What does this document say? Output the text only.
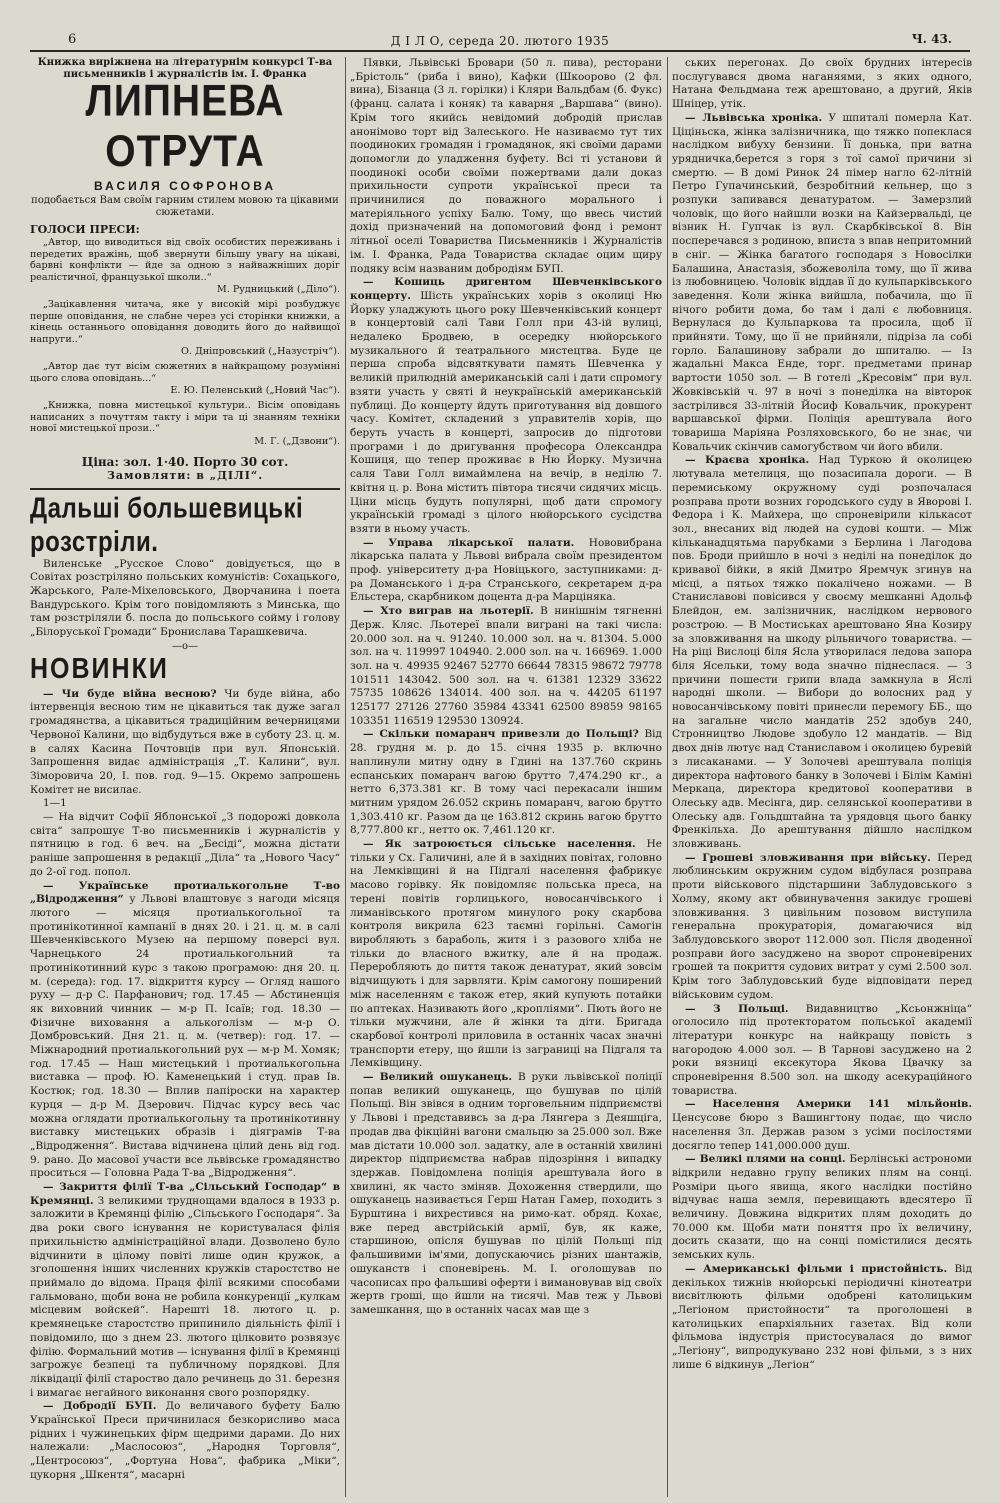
6	Д І Л О, середа 20. лютого 1935	Ч. 43.
Книжка виріжнена на літературнім конкурсі Т-ва письменників і журналістів ім. І. Франка
ЛИПНЕВА ОТРУТА
ВАСИЛЯ СОФРОНОВА
подобається Вам своїм гарним стилем мовою та цікавими сюжетами.
ГОЛОСИ ПРЕСИ:

„Автор, що виводиться від своїх особистих переживань і передетих вражінь, щоб звернути більшу увагу на цікаві, барвні конфлікти — йде за одною з найважніших доріг реалістичної, французької школи..“

М. Рудницький („Діло“).

„Зацікавлення читача, яке у високій мірі розбуджує перше оповідання, не слабне через усі сторінки книжки, а кінець останнього оповідання доводить його до найвищої напруги..“

О. Дніпровський („Назустріч“).

„Автор дає тут вісім сюжетних в найкращому розумінні цього слова оповідань...“

Е. Ю. Пеленський („Новий Час“).

„Книжка, повна мистецької культури.. Вісім оповідань написаних з почуттям такту і міри та ці знанням техніки нової мистецької прози..“

М. Г. („Дзвони“).

Ціна: зол. 1·40. Порто 30 сот.
Замовляти: в „ДІЛІ“.
Дальші большевицькі розстріли.

Виленське „Русское Слово“ довідується, що в Совітах розстріляно польських комуністів: Сохацького, Жарського, Рале-Міхеловського, Дворчанина і поета Вандурського. Крім того повідомляють з Минська, що там розстріляли б. посла до польського сойму і голову „Білоруської Громади“ Бронислава Тарашкевича.

—о—
НОВИНКИ

— Чи буде війна весною? Чи буде війна, або інтервенція весною тим не цікавиться так дуже загал громадянства, а цікавиться традиційним вечерницями Червоної Калини, що відбудуться вже в суботу 23. ц. м. в салях Касина Почтовців при вул. Японській. Запрошення видає адміністрація „Т. Калини“, вул. Зіморовича 20, І. пов. год. 9—15. Окремо запрошень Комітет не висилає.

1—1

— На відчит Софії Яблонської „З подорожі довкола світа“ запрошує Т-во письменників і журналістів у пятницю в год. 6 веч. на „Бесіді“, можна дістати раніше запрошення в редакції „Діла“ та „Нового Часу“ до 2-ої год. попол.

— Українське протиалькогольне Т-во „Відродження“ у Львові влаштовує з нагоди місяця лютого — місяця протиалькогольної та протинікотинної кампанії в днях 20. і 21. ц. м. в салі Шевченківського Музею на першому поверсі вул. Чарнецького 24 протиалькогольний та протинікотинний курс з такою програмою: дня 20. ц. м. (середа): год. 17. відкриття курсу — Огляд нашого руху — д-р С. Парфанович; год. 17.45 — Абстиненція як виховний чинник — м-р П. Ісаїв; год. 18.30 — Фізичне виховання а алькоголізм — м-р О. Домбровський. Дня 21. ц. м. (четвер): год. 17. — Міжнародний протиалькогольний рух — м-р М. Хомяк; год. 17.45 — Наш мистецький і протиалькогольна виставка — проф. Ю. Каменецький і студ. прав Ів. Костюк; год. 18.30 — Вплив папіроски на характер курця — д-р М. Дзерович. Підчас курсу весь час можна оглядати протиалькогольну та протинікотинну виставку мистецьких образів і діяграмів Т-ва „Відродження“. Вистава відчинена цілий день від год. 9. рано. До масової участи все львівське громадянство проситься — Головна Рада Т-ва „Відродження“.

— Закриття філії Т-ва „Сільський Господар“ в Кремянці. З великими труднощами вдалося в 1933 р. заложити в Кремянці філію „Сільського Господаря“. За два роки свого існування не користувалася філія прихильністю адміністраційної влади. Дозволено було відчинити в цілому повіті лише один кружок, а зголошення інших численних кружків старостство не приймало до відома. Праця філії всякими способами гальмовано, щоби вона не робила конкуренції „кулкам місцевим войскей“. Нарешті 18. лютого ц. р. кремянецьке старостство припинило діяльність філії і повідомило, що з днем 23. лютого цілковито розвязує філію. Формальний мотив — існування філії в Кремянці загрожує безпеці та публичному порядкові. Для ліквідації філії староство дало речинець до 31. березня і вимагає негайного виконання свого розпорядку.

— Добродії БУП. До величавого буфету Балю Української Преси причинилася безкорисливо маса рідних і чужинецьких фірм щедрими дарами. До них належали: „Маслосоюз“, „Народня Торговля“, „Центросоюз“, „Фортуна Нова“, фабрика „Міки“, цукорня „Шкентя“, масарні

Пявки, Львівські Бровари (50 л. пива), ресторани „Брістоль“ (риба і вино), Кафки (Шкоорово (2 фл. вина), Бізанца (3 л. горілки) і Кляри Вальдбам (б. Фукс) (франц. салата і коняк) та каварня „Варшава“ (вино). Крім того якийсь невідомий добродій прислав анонімово торт від Залеського. Не називаємо тут тих поодиноких громадян і громадянок, які своїми дарами допомогли до уладження буфету. Всі ті установи й поодинокі особи своїми пожертвами дали доказ прихильности супроти української преси та причинилися до поважного морального і матеріяльного успіху Балю. Тому, що ввесь чистий дохід призначений на допомоговий фонд і ремонт літньої оселі Товариства Письменників і Журналістів ім. І. Франка, Рада Товариства складає оцим щиру подяку всім названим добродіям БУП.

— Кошиць дригентом Шевченківського концерту. Шість українських хорів з околиці Ню Йорку уладжують цього року Шевченківський концерт в концертовій салі Тави Голл при 43-ій вулиці, недалеко Бродвею, в осередку нюйорського музикального й театрального мистецтва. Буде це перша спроба відсвяткувати память Шевченка у великій прилюдній американській салі і дати спромогу взяти участь у святі й неукраїнській американській публиці. До концерту йдуть приготування від довшого часу. Комітет, складений з управителів хорів, що беруть участь в концерті, запросив до підготови програми і до дригування професора Олександра Кошиця, що тепер проживає в Ню Йорку. Музична саля Тави Голл вимаймлена на вечір, в неділю 7. квітня ц. р. Вона містить півтора тисячи сидячих місць. Ціни місць будуть популярні, щоб дати спромогу українській громаді з цілого нюйорського сусідства взяти в ньому участь.

— Управа лікарської палати. Нововибрана лікарська палата у Львові вибрала своїм президентом проф. університету д-ра Новіцького, заступниками: д-ра Доманського і д-ра Странського, секретарем д-ра Ельстера, скарбником доцента д-ра Марціняка.

— Хто виграв на льотерії. В нинішнім тягненні Держ. Кляс. Льотереї впали виграні на такі числа: 20.000 зол. на ч. 91240. 10.000 зол. на ч. 81304. 5.000 зол. на ч. 119997 104940. 2.000 зол. на ч. 166969. 1.000 зол. на ч. 49935 92467 52770 66644 78315 98672 79778 101511 143042. 500 зол. на ч. 61381 12329 33622 75735 108626 134014. 400 зол. на ч. 44205 61197 125177 27126 27760 35984 43341 62500 89859 98165 103351 116519 129530 130924.

— Скільки помаранч привезли до Польщі? Від 28. грудня м. р. до 15. січня 1935 р. включно наплинули митну одну в Гдині на 137.760 скринь еспанських помаранч вагою брутто 7,474.290 кг., а нетто 6,373.381 кг. В тому часі перекасали іншим митним урядом 26.052 скринь помаранч, вагою брутто 1,303.410 кг. Разом да це 163.812 скринь вагою брутто 8,777.800 кг., нетто ок. 7,461.120 кг.

— Як затроюється сільське населення. Не тільки у Сх. Галичині, але й в західних повітах, головно на Лемківщині й на Підгалі населення фабрикує масово горівку. Як повідомляє польська преса, на терені повітів горлицького, новосанчівського і лиманівського протягом минулого року скарбова контроля викрила 623 таємні горільні. Самогін виробляють з бараболь, житя і з разового хліба не тільки до власного вжитку, але й на продаж. Переробляють до пиття також денатурат, який зовсім відчищують і для зарвляти. Крім самогону поширений між населенням є також етер, який купують потайки по аптеках. Називають його „кропліями“. Пють його не тільки мужчини, але й жінки та діти. Бригада скарбової контролі приловила в останніх часах значні транспорти етеру, що йшли із заграниці на Підгаля та Лемківщину.

— Великий ошуканець. В руки львівської поліції попав великий ошуканець, що бушував по цілій Польщі. Він звівся в одним торговельним підприємстві у Львові і представивсь за д-ра Лянгера з Деяшціга, продав два фікційні вагони смальцю за 25.000 зол. Вже мав дістати 10.000 зол. задатку, але в останній хвилині директор підприємства набрав підозріння і випадку здержав. Повідомлена поліція арештувала його в хвилині, як часто зміняв. Дохоження ствердили, що ошуканець називається Герш Натан Гамер, походить з Бурштина і вихрестився на римо-кат. обряд. Кохає, вже перед австрійській армії, був, як каже, старшиною, опісля бушував по цілій Польщі під фальшивими ім'ями, допускаючись різних шантажів, ошуканств і споневірень. М. І. оголошував по часописах про фальшиві оферти і вимановував від своїх жертв гроші, що йшли на тисячі. Мав теж у Львові замешкання, що в останніх часах мав ще з

ських перегонах. До своїх брудних інтересів послугувався двома наганяями, з яких одного, Натана Фельдмана теж арештовано, а другий, Яків Шніцер, утік.

— Львівська хроніка. У шпиталі померла Кат. Ціціньска, жінка залізничника, що тяжко попеклася наслідком вибуху бензини. Її донька, при ватна урядничка,берется з горя з тої самої причини зі смертю. — В домі Ринок 24 пімер нагло 62-літній Петро Гупачинський, безробітний кельнер, що з розпуки запивався денатуратом. — Замерзлий чоловік, що його найшли возки на Кайзервальді, це візник Н. Гупчак із вул. Скарбківської 8. Він посперечався з родиною, вписта з впав непритомний в сніг. — Жінка багатого господаря з Новосілки Балашина, Анастазія, збожеволіла тому, що її жива із любовницею. Чоловік віддав її до кульпарківського заведення. Коли жінка вийшла, побачила, що її нічого робити дома, бо там і далі є любовниця. Вернулася до Кульпаркова та просила, щоб її прийняти. Тому, що її не прийняли, підріза ла собі горло. Балашинову забрали до шпиталю. — Із жадальні Макса Енде, торг. предметами принар вартости 1050 зол. — В готелі „Кресовім“ при вул. Жовківській ч. 97 в ночі з понеділка на вівторок застрілився 33-літній Йосиф Ковальчик, прокурент варшавської фірми. Поліція арештувала його товариша Маріяна Розляховського, бо не знає, чи Ковальчик скінчив самогубством чи його вбили.

— Краєва хроніка. Над Туркою й околицею лютувала метелиця, що позасипала дороги. — В перемиському окружному суді розпочалася розправа проти возних городського суду в Яворові І. Федора і К. Майхера, що спроневірили кількасот зол., внесаних від людей на судові кошти. — Між кільканадцятьма парубками з Берлина і Лагодова пов. Броди прийшло в ночі з неділі на понеділок до кривавої бійки, в якій Дмитро Яремчук згинув на місці, а пятьох тяжко покалічено ножами. — В Станиславові повісився у своєму мешканні Адольф Блейдон, ем. залізничник, наслідком нервового розстрою. — В Мостиськах арештовано Яна Козиру за зловживання на шкоду рільничого товариства. — На ріці Вислоці біля Ясла утворилася ледова запора біля Ясельки, тому вода значно піднеслася. — З причини пошести грипи влада замкнула в Яслі народні школи. — Вибори до волосних рад у новосанчівському повіті принесли перемогу ББ., що на загальне число мандатів 252 здобув 240, Стронництво Людове здобуло 12 мандатів. — Від двох днів лютує над Станиславом і околицею буревій з лисаканами. — У Золочеві арештувала поліція директора нафтового банку в Золочеві і Білім Каміні Меркаца, директора кредитової кооперативи в Олеську адв. Месінга, дир. селянської кооперативи в Олеську адв. Гольдштайна та урядовця цього банку Френкільха. До арештування дійшло наслідком зловживань.

— Грошеві зловживання при війську. Перед люблинським окружним судом відбулася розправа проти військового підстаршини Заблудовського з Холму, якому акт обвинувачення закидує грошеві зловживання. З цивільним позовом виступила генеральна прокураторія, домагаючися від Заблудовського зворот 112.000 зол. Після дводенної розправи його засуджено на зворот спроневірених грошей та покриття судових витрат у сумі 2.500 зол. Крім того Заблудовський буде відповідати перед військовим судом.

— З Польщі. Видавництво „Ксьонжніца“ оголосило під протекторатом польської академії літератури конкурс на найкращу повість з нагородою 4.000 зол. — В Тарнові засуджено на 2 роки вязниці ексекутора Якова Цвачку за спроневірення 8.500 зол. на шкоду асекураційного товариства.

— Населення Америки 141 мільйонів. Ценсусове бюро з Вашингтону подає, що число населення Зл. Держав разом з усіми посілостями досягло тепер 141,000.000 душ.

— Великі плями на сонці. Берлінські астрономи відкрили недавно групу великих плям на сонці. Розміри цього явища, якого наслідки постійно відчуває наша земля, перевищають вдесятеро її величину. Довжина відкритих плям доходить до 70.000 км. Щоби мати поняття про їх величину, досить сказати, що на сонці помістилися десять земських куль.

— Американські фільми і пристойність. Від декількох тижнів нюйорські періодичні кінотеатри висвітлюють фільми одобрені католицьким „Легіоном пристойности“ та проголошені в католицьких епархіяльних газетах. Від коли фільмова індустрія пристосувалася до вимог „Легіону“, випродукувано 232 нові фільми, з з них лише 6 відкинув „Легіон“
